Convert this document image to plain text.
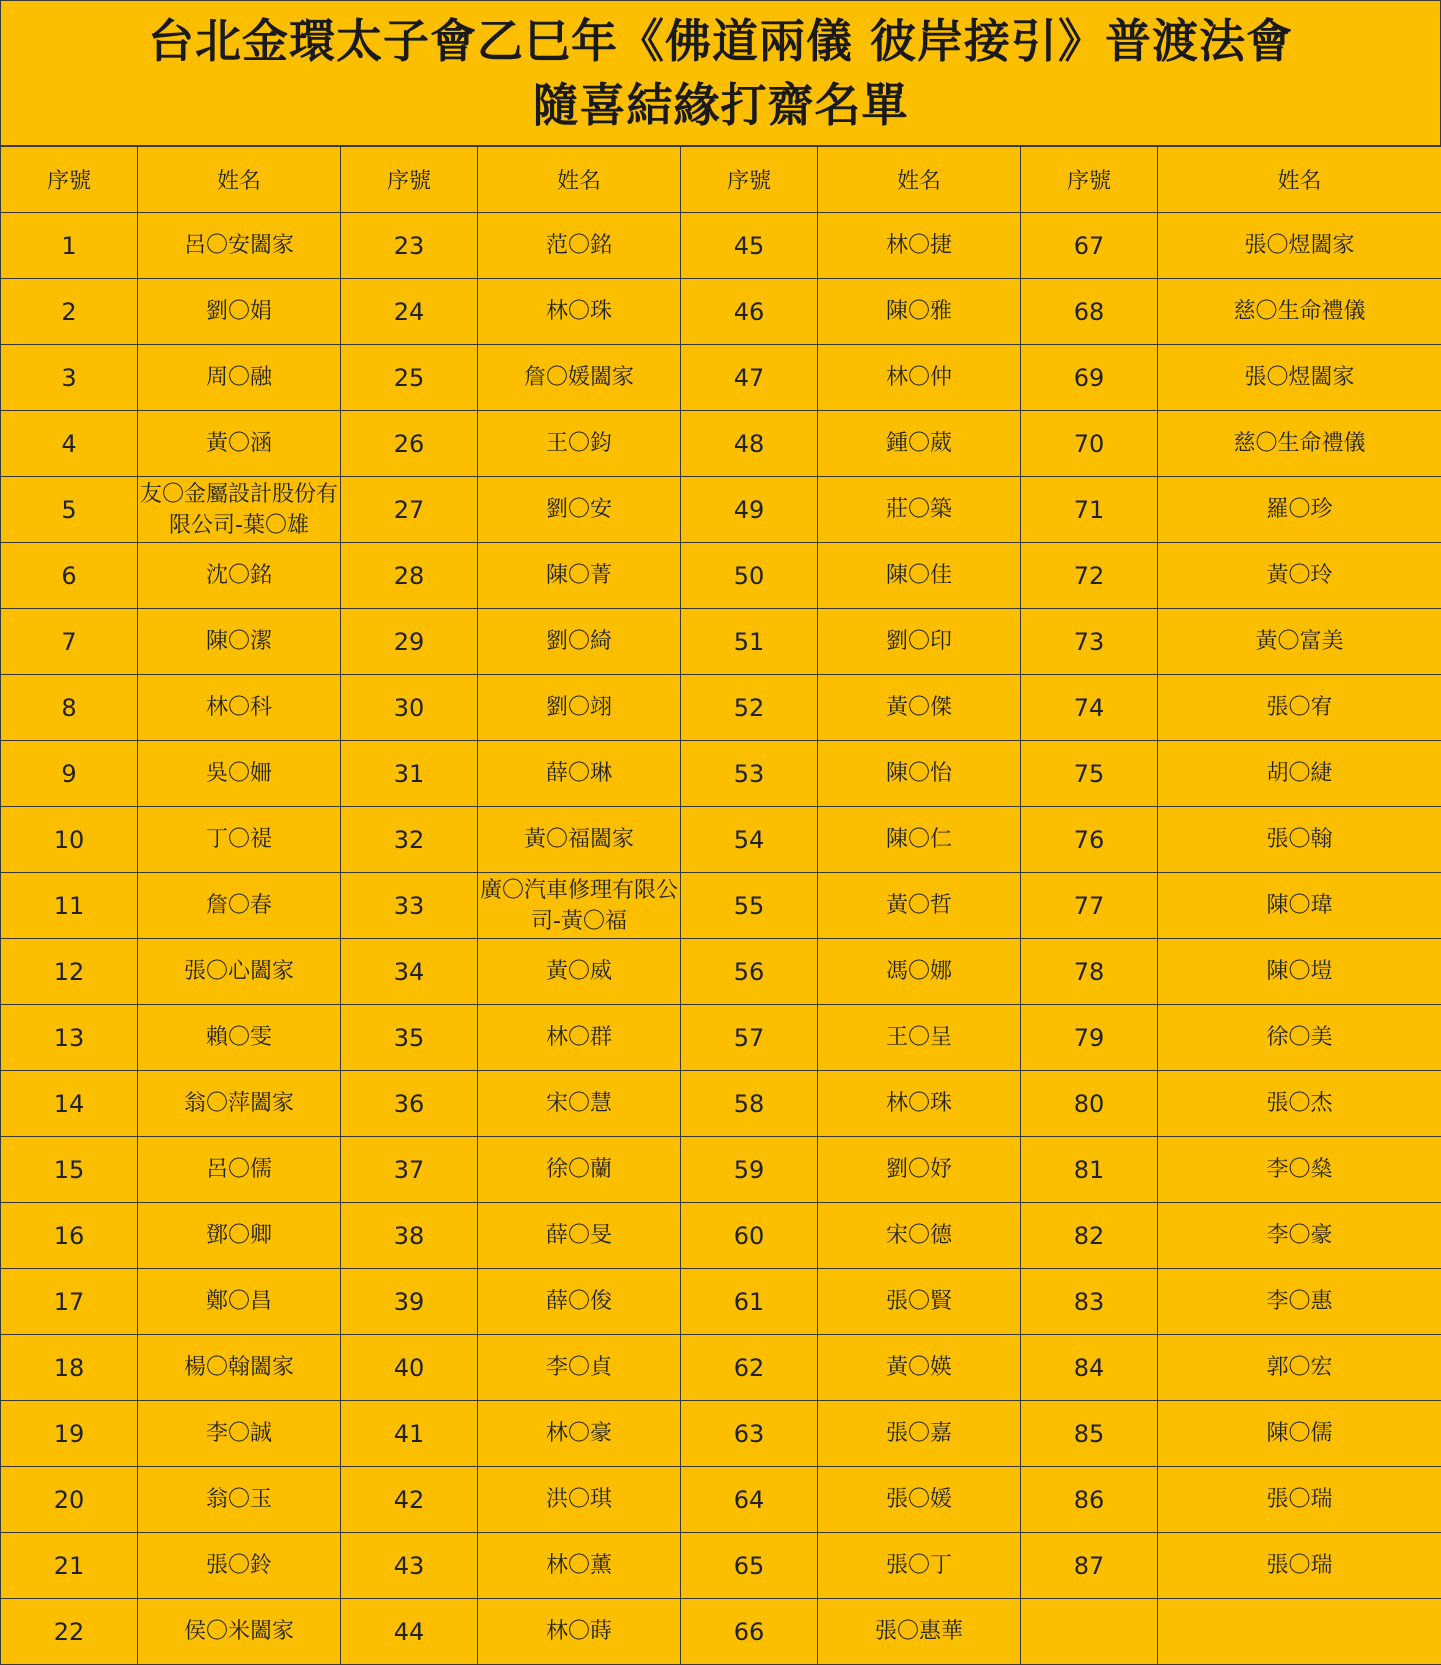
台北金環太子會乙巳年《佛道兩儀 彼岸接引》普渡法會
隨喜結緣打齋名單
序號	姓名	序號	姓名	序號	姓名	序號	姓名
1	呂〇安闔家	23	范〇銘	45	林〇捷	67	張〇煜闔家
2	劉〇娟	24	林〇珠	46	陳〇雅	68	慈〇生命禮儀
3	周〇融	25	詹〇媛闔家	47	林〇仲	69	張〇煜闔家
4	黃〇涵	26	王〇鈞	48	鍾〇葳	70	慈〇生命禮儀
5	友〇金屬設計股份有限公司-葉〇雄	27	劉〇安	49	莊〇築	71	羅〇珍
6	沈〇銘	28	陳〇菁	50	陳〇佳	72	黃〇玲
7	陳〇潔	29	劉〇綺	51	劉〇印	73	黃〇富美
8	林〇科	30	劉〇翊	52	黃〇傑	74	張〇宥
9	吳〇姍	31	薛〇琳	53	陳〇怡	75	胡〇緁
10	丁〇禔	32	黃〇福闔家	54	陳〇仁	76	張〇翰
11	詹〇春	33	廣〇汽車修理有限公司-黃〇福	55	黃〇哲	77	陳〇瑋
12	張〇心闔家	34	黃〇威	56	馮〇娜	78	陳〇塏
13	賴〇雯	35	林〇群	57	王〇呈	79	徐〇美
14	翁〇萍闔家	36	宋〇慧	58	林〇珠	80	張〇杰
15	呂〇儒	37	徐〇蘭	59	劉〇妤	81	李〇燊
16	鄧〇卿	38	薛〇旻	60	宋〇德	82	李〇豪
17	鄭〇昌	39	薛〇俊	61	張〇賢	83	李〇惠
18	楊〇翰闔家	40	李〇貞	62	黃〇媖	84	郭〇宏
19	李〇誠	41	林〇豪	63	張〇嘉	85	陳〇儒
20	翁〇玉	42	洪〇琪	64	張〇媛	86	張〇瑞
21	張〇鈴	43	林〇薰	65	張〇丁	87	張〇瑞
22	侯〇米闔家	44	林〇蒔	66	張〇惠華		
